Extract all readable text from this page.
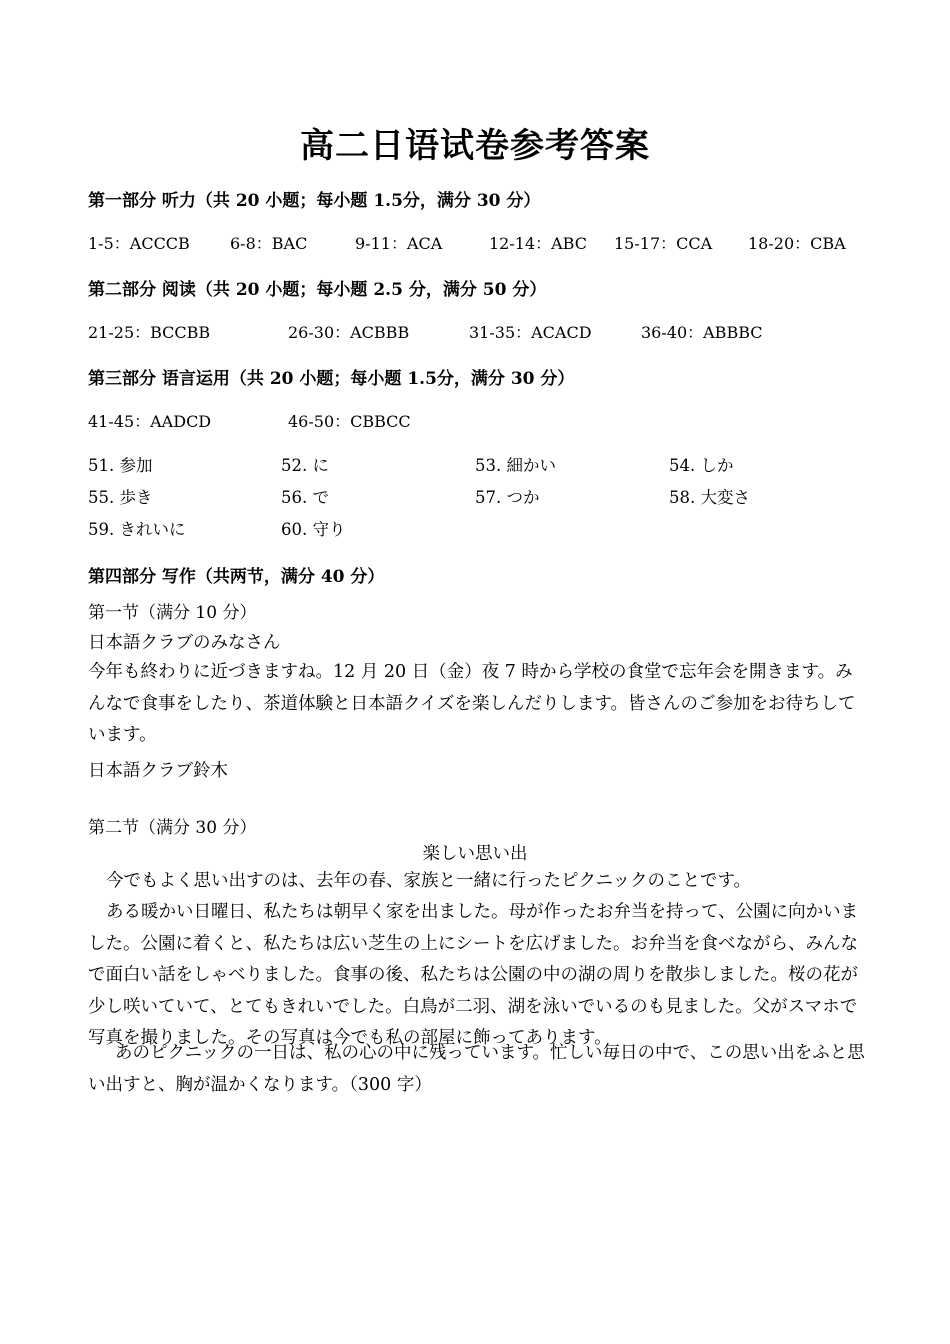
高二日语试卷参考答案
第一部分 听力（共 20 小题；每小题 1.5分，满分 30 分）
1-5：ACCCB	6-8：BAC	9-11：ACA	12-14：ABC 15-17：CCA 18-20：CBA
第二部分 阅读（共 20 小题；每小题 2.5 分，满分 50 分）
21-25：BCCBB	26-30：ACBBB	31-35：ACACD	36-40：ABBBC
第三部分 语言运用（共 20 小题；每小题 1.5分，满分 30 分）
41-45：AADCD	46-50：CBBCC
51. 参加	52. に	53. 細かい	54. しか
55. 歩き	56. で	57. つか	58. 大変さ
59. きれいに	60. 守り
第四部分 写作（共两节，满分 40 分）
第一节（满分 10 分）
日本語クラブのみなさん
今年も終わりに近づきますね。12 月 20 日（金）夜 7 時から学校の食堂で忘年会を開きます。みんなで食事をしたり、茶道体験と日本語クイズを楽しんだりします。皆さんのご参加をお待ちしています。
日本語クラブ鈴木
第二节（满分 30 分）
楽しい思い出
今でもよく思い出すのは、去年の春、家族と一緒に行ったピクニックのことです。
ある暖かい日曜日、私たちは朝早く家を出ました。母が作ったお弁当を持って、公園に向かいました。公園に着くと、私たちは広い芝生の上にシートを広げました。お弁当を食べながら、みんなで面白い話をしゃべりました。食事の後、私たちは公園の中の湖の周りを散歩しました。桜の花が少し咲いていて、とてもきれいでした。白鳥が二羽、湖を泳いでいるのも見ました。父がスマホで写真を撮りました。その写真は今でも私の部屋に飾ってあります。
あのピクニックの一日は、私の心の中に残っています。忙しい毎日の中で、この思い出をふと思い出すと、胸が温かくなります。（300 字）
